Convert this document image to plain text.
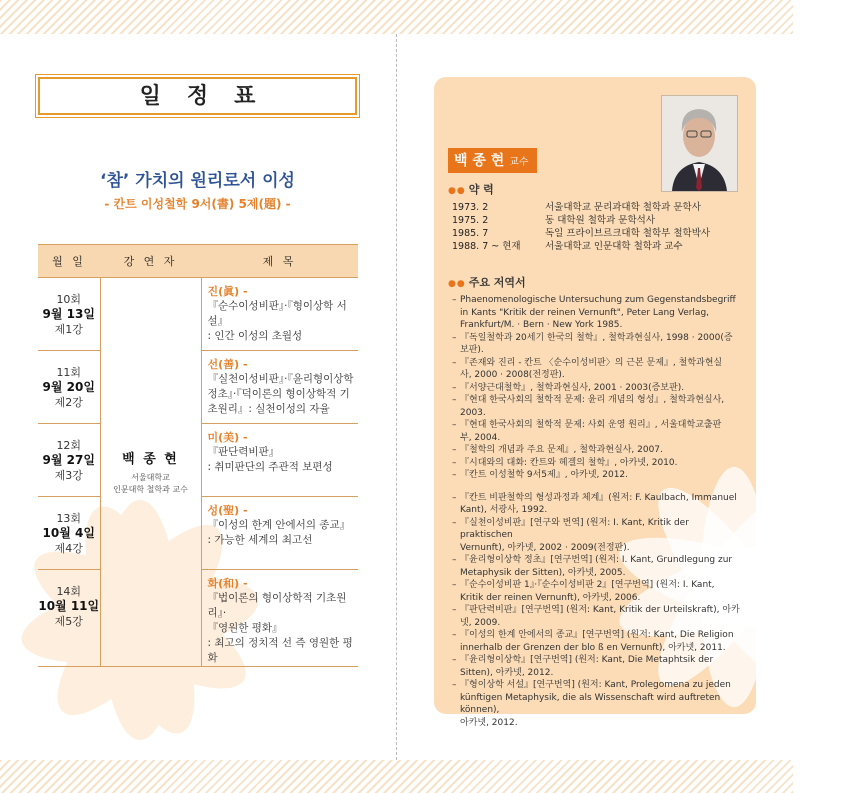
일정표
‘참’ 가치의 원리로서 이성
- 칸트 이성철학 9서(書) 5제(題) -
월 일	강 연 자	제 목
10회
9월 13일
제1강	백 종 현
서울대학교
인문대학 철학과 교수	진(眞) -
『순수이성비판』·『형이상학 서설』
: 인간 이성의 초월성

11회
9월 20일
제2강		선(善) -
『실천이성비판』·『윤리형이상학
정초』·『덕이론의 형이상학적 기
초원리』: 실천이성의 자율

12회
9월 27일
제3강		미(美) -
『판단력비판』
: 취미판단의 주관적 보편성

13회
10월 4일
제4강		성(聖) -
『이성의 한계 안에서의 종교』
: 가능한 세계의 최고선

14회
10월 11일
제5강		화(和) -
『법이론의 형이상학적 기초원리』·
『영원한 평화』
: 최고의 정치적 선 즉 영원한 평화
백 종 현 교수
●● 약 력
1973. 2	서울대학교 문리과대학 철학과 문학사
1975. 2	동 대학원 철학과 문학석사
1985. 7	독일 프라이브르크대학 철학부 철학박사
1988. 7 ~ 현재	서울대학교 인문대학 철학과 교수
●● 주요 저역서
– Phaenomenologische Untersuchung zum Gegenstandsbegriff
in Kants "Kritik der reinen Vernunft", Peter Lang Verlag,
Frankfurt/M. · Bern · New York 1985.
– 『독일철학과 20세기 한국의 철학』, 철학과현실사, 1998 · 2000(증
보판).
– 『존재와 진리 - 칸트 〈순수이성비판〉의 근본 문제』, 철학과현실
사, 2000 · 2008(전정판).
– 『서양근대철학』, 철학과현실사, 2001 · 2003(증보판).
– 『현대 한국사회의 철학적 문제: 윤리 개념의 형성』, 철학과현실사,
2003.
– 『현대 한국사회의 철학적 문제: 사회 운영 원리』, 서울대학교출판
부, 2004.
– 『철학의 개념과 주요 문제』, 철학과현실사, 2007.
– 『시대와의 대화: 칸트와 헤겔의 철학』, 아카넷, 2010.
– 『칸트 이성철학 9서5제』, 아카넷, 2012.
– 『칸트 비판철학의 형성과정과 체계』(원저: F. Kaulbach, Immanuel
Kant), 서광사, 1992.
– 『실천이성비판』[연구와 번역] (원저: I. Kant, Kritik der praktischen
Vernunft), 아카넷, 2002 · 2009(전정판).
– 『윤리형이상학 정초』[연구번역] (원저: I. Kant, Grundlegung zur
Metaphysik der Sitten), 아카넷, 2005.
– 『순수이성비판 1』·『순수이성비판 2』[연구번역] (원저: I. Kant,
Kritik der reinen Vernunft), 아카넷, 2006.
– 『판단력비판』[연구번역] (원저: Kant, Kritik der Urteilskraft), 아카
넷, 2009.
– 『이성의 한계 안에서의 종교』[연구번역] (원저: Kant, Die Religion
innerhalb der Grenzen der blo ß en Vernunft), 아카넷, 2011.
– 『윤리형이상학』[연구번역] (원저: Kant, Die Metaphtsik der
Sitten), 아카넷, 2012.
– 『형이상학 서설』[연구번역] (원저: Kant, Prolegomena zu jeden
künftigen Metaphysik, die als Wissenschaft wird auftreten können),
아카넷, 2012.
